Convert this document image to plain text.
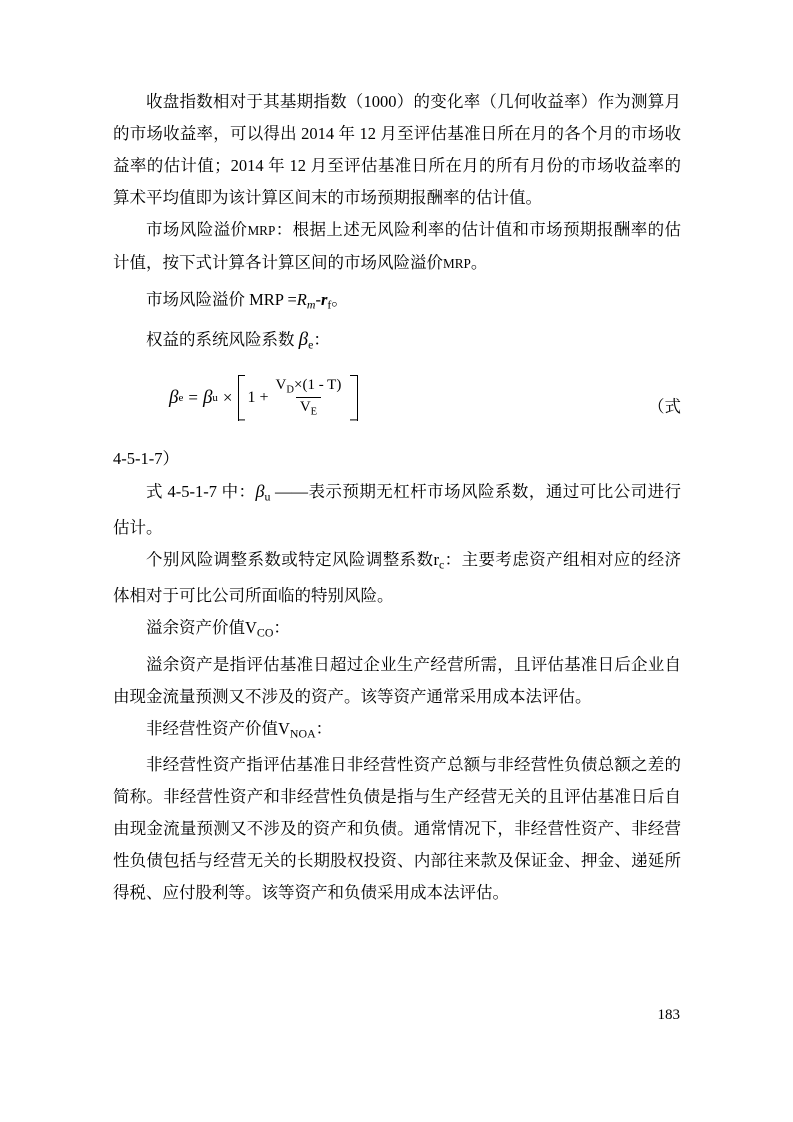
收盘指数相对于其基期指数（1000）的变化率（几何收益率）作为测算月的市场收益率，可以得出 2014 年 12 月至评估基准日所在月的各个月的市场收益率的估计值；2014 年 12 月至评估基准日所在月的所有月份的市场收益率的算术平均值即为该计算区间末的市场预期报酬率的估计值。

市场风险溢价MRP：根据上述无风险利率的估计值和市场预期报酬率的估计值，按下式计算各计算区间的市场风险溢价MRP。

市场风险溢价 MRP $=R_m-r_f$。

权益的系统风险系数 $\beta_e$：

β e = β $u \times 1 + \frac{V_D\times(1 - T)}{V_E}$	（式

4-5-1-7）

式 4-5-1-7 中：$\beta_u$ ——表示预期无杠杆市场风险系数，通过可比公司进行估计。

个别风险调整系数或特定风险调整系数$r_c$：主要考虑资产组相对应的经济体相对于可比公司所面临的特别风险。

溢余资产价值$V_{CO}$：

溢余资产是指评估基准日超过企业生产经营所需，且评估基准日后企业自由现金流量预测又不涉及的资产。该等资产通常采用成本法评估。

非经营性资产价值$V_{NOA}$：

非经营性资产指评估基准日非经营性资产总额与非经营性负债总额之差的简称。非经营性资产和非经营性负债是指与生产经营无关的且评估基准日后自由现金流量预测又不涉及的资产和负债。通常情况下，非经营性资产、非经营性负债包括与经营无关的长期股权投资、内部往来款及保证金、押金、递延所得税、应付股利等。该等资产和负债采用成本法评估。

183
